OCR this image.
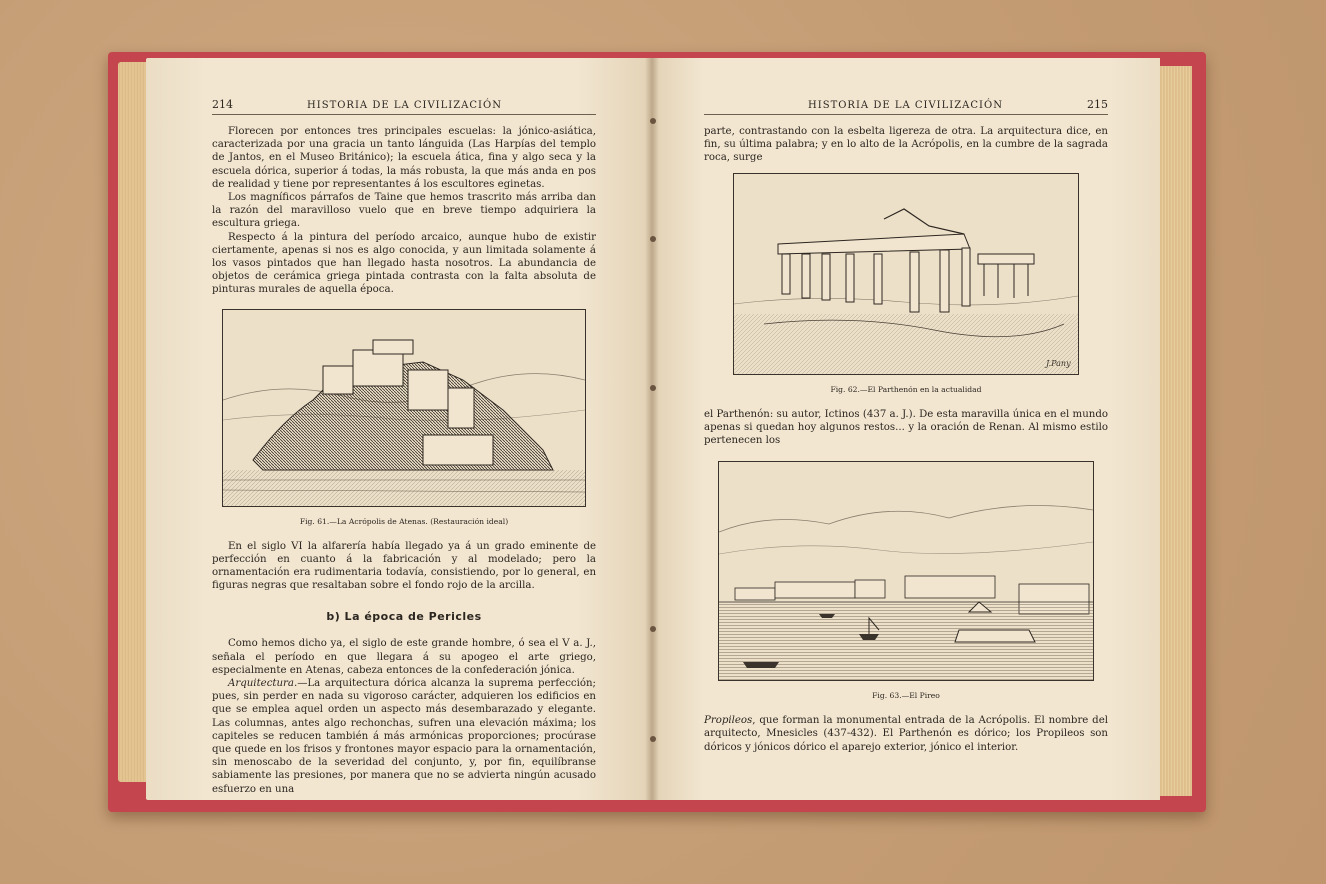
214	HISTORIA DE LA CIVILIZACIÓN

Florecen por entonces tres principales escuelas: la jónico-asiática, caracterizada por una gracia un tanto lánguida (Las Harpías del templo de Jantos, en el Museo Británico); la escuela ática, fina y algo seca y la escuela dórica, superior á todas, la más robusta, la que más anda en pos de realidad y tiene por representantes á los escultores eginetas.

Los magníficos párrafos de Taine que hemos trascrito más arriba dan la razón del maravilloso vuelo que en breve tiempo adquiriera la escultura griega.

Respecto á la pintura del período arcaico, aunque hubo de existir ciertamente, apenas si nos es algo conocida, y aun limitada solamente á los vasos pintados que han llegado hasta nosotros. La abundancia de objetos de cerámica griega pintada contrasta con la falta absoluta de pinturas murales de aquella época.

Fig. 61.—La Acrópolis de Atenas. (Restauración ideal)

En el siglo VI la alfarería había llegado ya á un grado eminente de perfección en cuanto á la fabricación y al modelado; pero la ornamentación era rudimentaria todavía, consistiendo, por lo general, en figuras negras que resaltaban sobre el fondo rojo de la arcilla.

b) La época de Pericles

Como hemos dicho ya, el siglo de este grande hombre, ó sea el V a. J., señala el período en que llegara á su apogeo el arte griego, especialmente en Atenas, cabeza entonces de la confederación jónica.

Arquitectura.—La arquitectura dórica alcanza la suprema perfección; pues, sin perder en nada su vigoroso carácter, adquieren los edificios en que se emplea aquel orden un aspecto más desembarazado y elegante. Las columnas, antes algo rechonchas, sufren una elevación máxima; los capiteles se reducen también á más armónicas proporciones; procúrase que quede en los frisos y frontones mayor espacio para la ornamentación, sin menoscabo de la severidad del conjunto, y, por fin, equilíbranse sabiamente las presiones, por manera que no se advierta ningún acusado esfuerzo en una

HISTORIA DE LA CIVILIZACIÓN	215

parte, contrastando con la esbelta ligereza de otra. La arquitectura dice, en fin, su última palabra; y en lo alto de la Acrópolis, en la cumbre de la sagrada roca, surge

J.Pany
Fig. 62.—El Parthenón en la actualidad

el Parthenón: su autor, Ictinos (437 a. J.). De esta maravilla única en el mundo apenas si quedan hoy algunos restos... y la oración de Renan. Al mismo estilo pertenecen los

Fig. 63.—El Pireo

Propileos, que forman la monumental entrada de la Acrópolis. El nombre del arquitecto, Mnesicles (437-432). El Parthenón es dórico; los Propileos son dóricos y jónicos dórico el aparejo exterior, jónico el interior.
